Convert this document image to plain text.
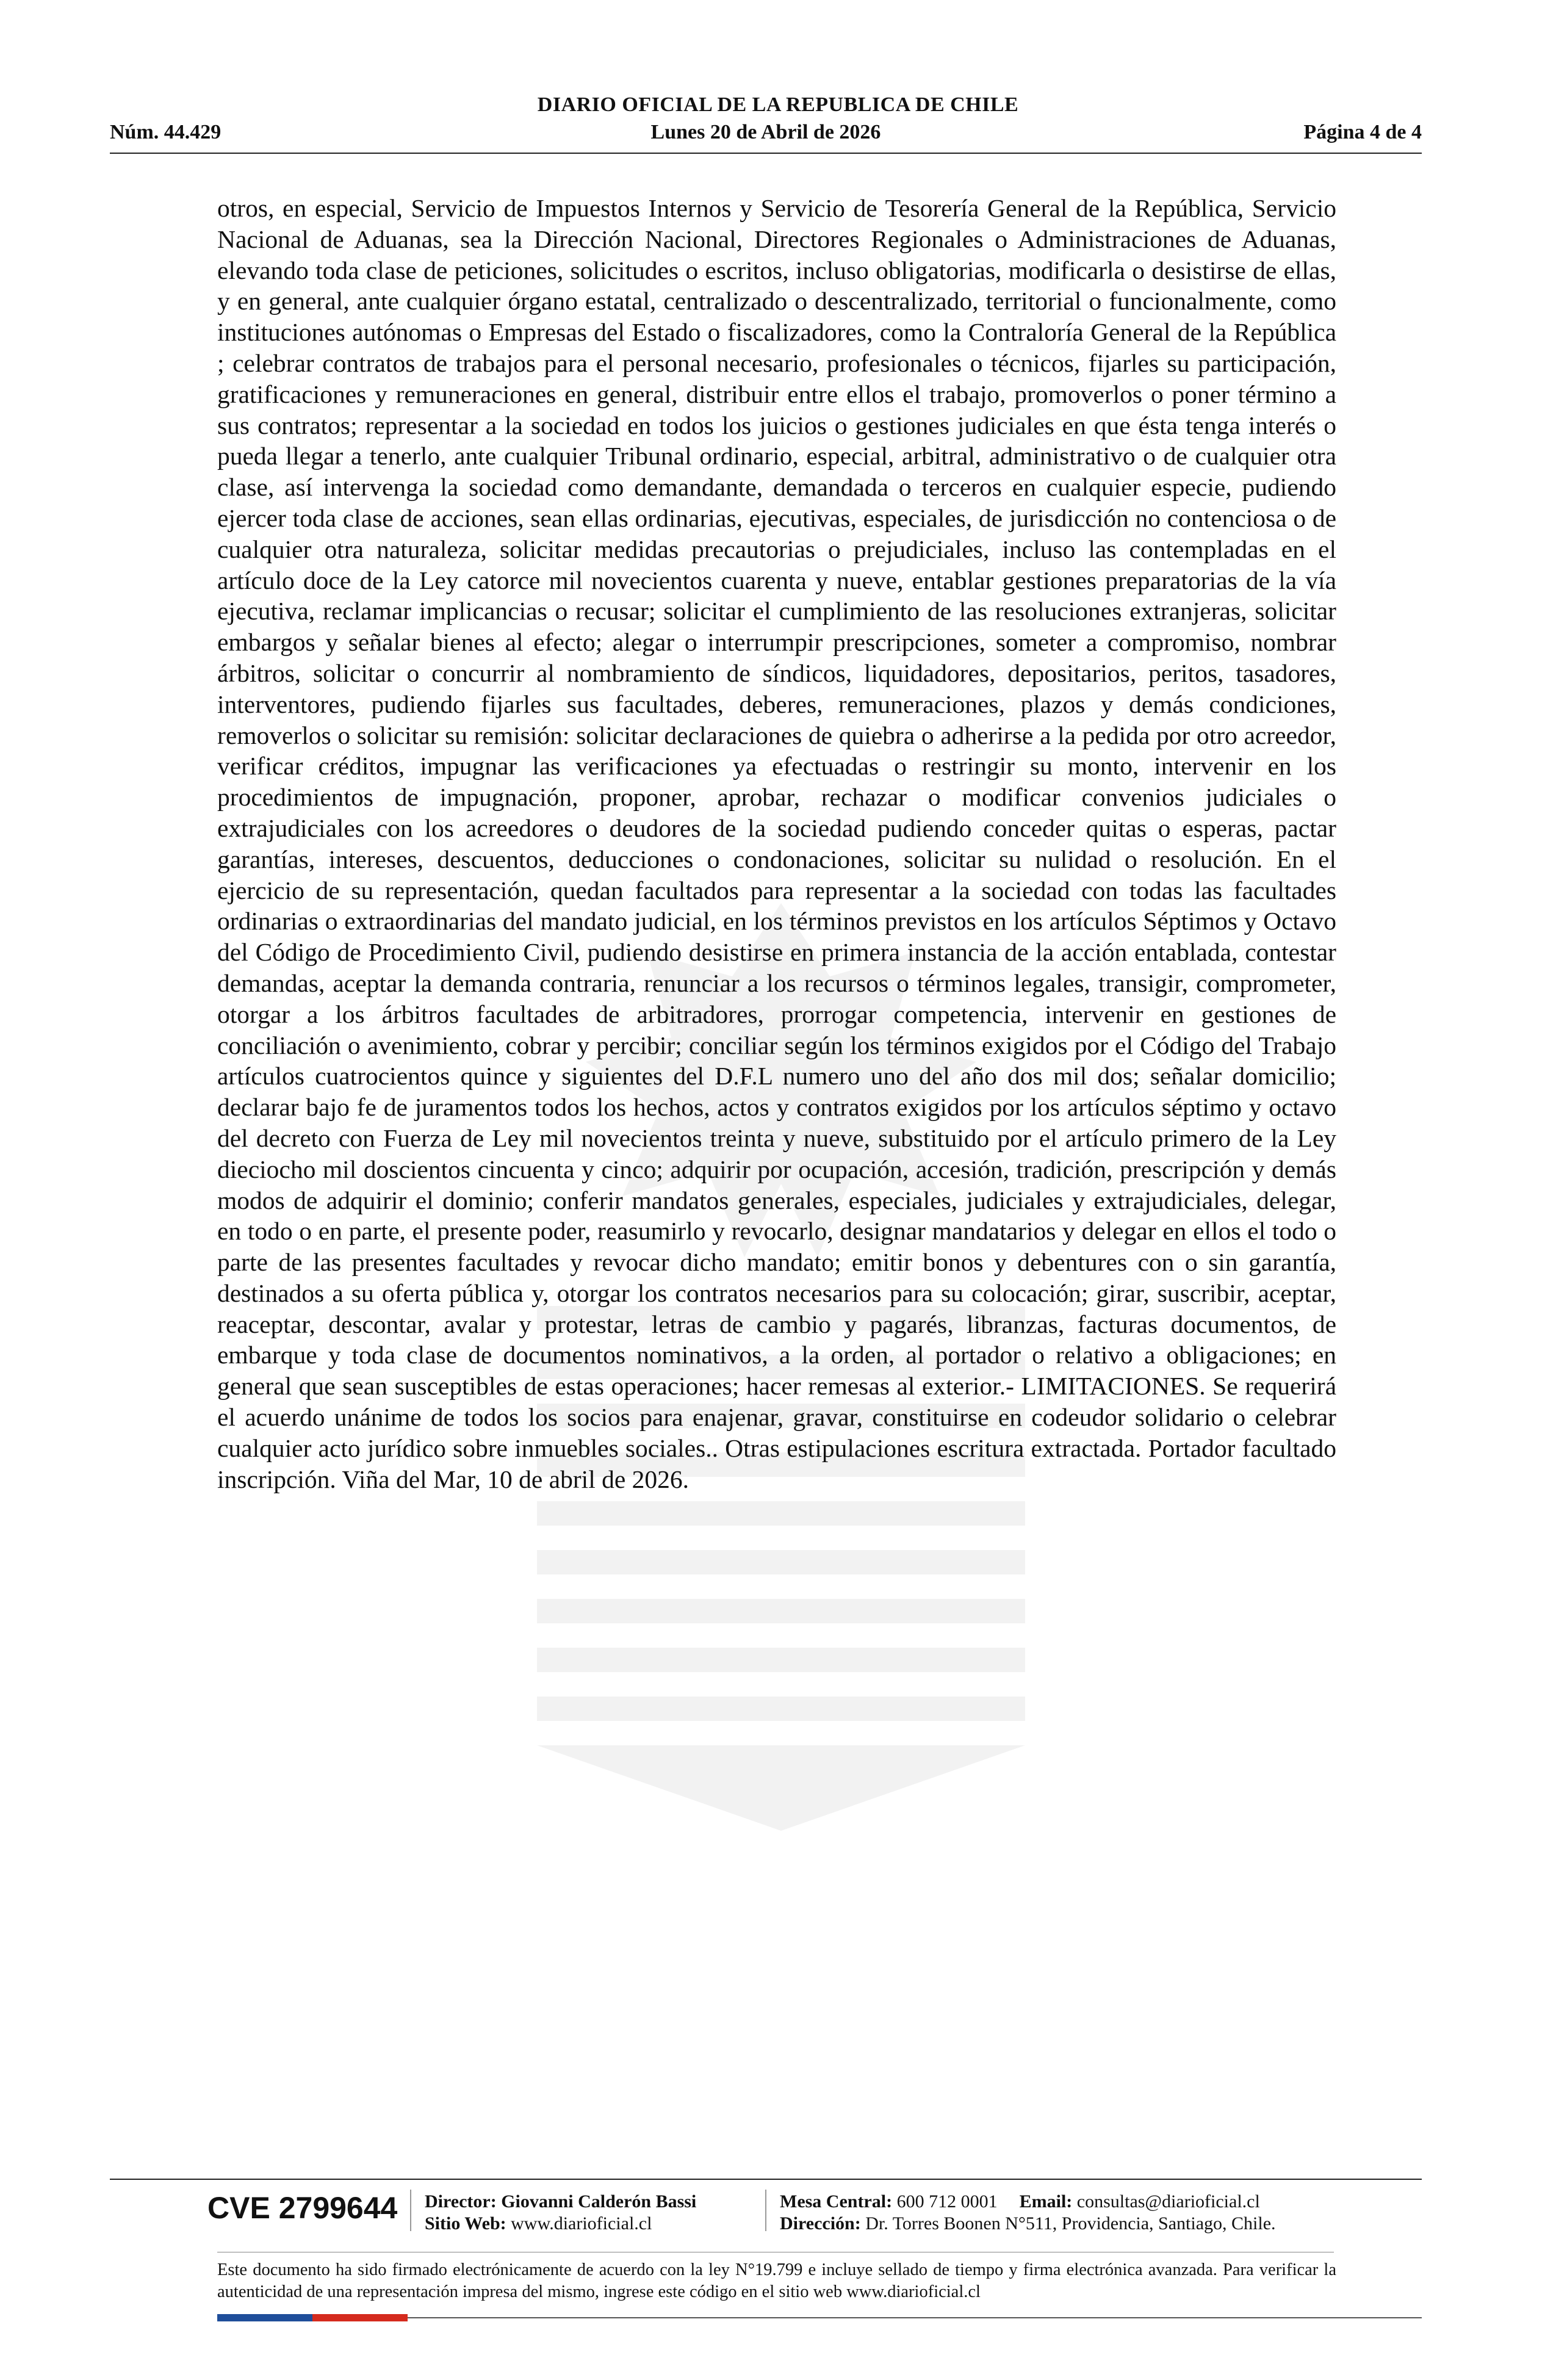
DIARIO OFICIAL DE LA REPUBLICA DE CHILE
Lunes 20 de Abril de 2026
Núm. 44.429	Página 4 de 4

otros, en especial, Servicio de Impuestos Internos y Servicio de Tesorería General de la República, Servicio Nacional de Aduanas, sea la Dirección Nacional, Directores Regionales o Administraciones de Aduanas, elevando toda clase de peticiones, solicitudes o escritos, incluso obligatorias, modificarla o desistirse de ellas, y en general, ante cualquier órgano estatal, centralizado o descentralizado, territorial o funcionalmente, como instituciones autónomas o Empresas del Estado o fiscalizadores, como la Contraloría General de la República ; celebrar contratos de trabajos para el personal necesario, profesionales o técnicos, fijarles su participación, gratificaciones y remuneraciones en general, distribuir entre ellos el trabajo, promoverlos o poner término a sus contratos; representar a la sociedad en todos los juicios o gestiones judiciales en que ésta tenga interés o pueda llegar a tenerlo, ante cualquier Tribunal ordinario, especial, arbitral, administrativo o de cualquier otra clase, así intervenga la sociedad como demandante, demandada o terceros en cualquier especie, pudiendo ejercer toda clase de acciones, sean ellas ordinarias, ejecutivas, especiales, de jurisdicción no contenciosa o de cualquier otra naturaleza, solicitar medidas precautorias o prejudiciales, incluso las contempladas en el artículo doce de la Ley catorce mil novecientos cuarenta y nueve, entablar gestiones preparatorias de la vía ejecutiva, reclamar implicancias o recusar; solicitar el cumplimiento de las resoluciones extranjeras, solicitar embargos y señalar bienes al efecto; alegar o interrumpir prescripciones, someter a compromiso, nombrar árbitros, solicitar o concurrir al nombramiento de síndicos, liquidadores, depositarios, peritos, tasadores, interventores, pudiendo fijarles sus facultades, deberes, remuneraciones, plazos y demás condiciones, removerlos o solicitar su remisión: solicitar declaraciones de quiebra o adherirse a la pedida por otro acreedor, verificar créditos, impugnar las verificaciones ya efectuadas o restringir su monto, intervenir en los procedimientos de impugnación, proponer, aprobar, rechazar o modificar convenios judiciales o extrajudiciales con los acreedores o deudores de la sociedad pudiendo conceder quitas o esperas, pactar garantías, intereses, descuentos, deducciones o condonaciones, solicitar su nulidad o resolución. En el ejercicio de su representación, quedan facultados para representar a la sociedad con todas las facultades ordinarias o extraordinarias del mandato judicial, en los términos previstos en los artículos Séptimos y Octavo del Código de Procedimiento Civil, pudiendo desistirse en primera instancia de la acción entablada, contestar demandas, aceptar la demanda contraria, renunciar a los recursos o términos legales, transigir, comprometer, otorgar a los árbitros facultades de arbitradores, prorrogar competencia, intervenir en gestiones de conciliación o avenimiento, cobrar y percibir; conciliar según los términos exigidos por el Código del Trabajo artículos cuatrocientos quince y siguientes del D.F.L numero uno del año dos mil dos; señalar domicilio; declarar bajo fe de juramentos todos los hechos, actos y contratos exigidos por los artículos séptimo y octavo del decreto con Fuerza de Ley mil novecientos treinta y nueve, substituido por el artículo primero de la Ley dieciocho mil doscientos cincuenta y cinco; adquirir por ocupación, accesión, tradición, prescripción y demás modos de adquirir el dominio; conferir mandatos generales, especiales, judiciales y extrajudiciales, delegar, en todo o en parte, el presente poder, reasumirlo y revocarlo, designar mandatarios y delegar en ellos el todo o parte de las presentes facultades y revocar dicho mandato; emitir bonos y debentures con o sin garantía, destinados a su oferta pública y, otorgar los contratos necesarios para su colocación; girar, suscribir, aceptar, reaceptar, descontar, avalar y protestar, letras de cambio y pagarés, libranzas, facturas documentos, de embarque y toda clase de documentos nominativos, a la orden, al portador o relativo a obligaciones; en general que sean susceptibles de estas operaciones; hacer remesas al exterior.- LIMITACIONES. Se requerirá el acuerdo unánime de todos los socios para enajenar, gravar, constituirse en codeudor solidario o celebrar cualquier acto jurídico sobre inmuebles sociales.. Otras estipulaciones escritura extractada. Portador facultado inscripción. Viña del Mar, 10 de abril de 2026.

CVE 2799644 Director: Giovanni Calderón Bassi
Sitio Web: www.diarioficial.cl
Mesa Central: 600 712 0001 Email: consultas@diarioficial.cl
Dirección: Dr. Torres Boonen N°511, Providencia, Santiago, Chile.
Este documento ha sido firmado electrónicamente de acuerdo con la ley N°19.799 e incluye sellado de tiempo y firma electrónica avanzada. Para verificar la autenticidad de una representación impresa del mismo, ingrese este código en el sitio web www.diarioficial.cl
